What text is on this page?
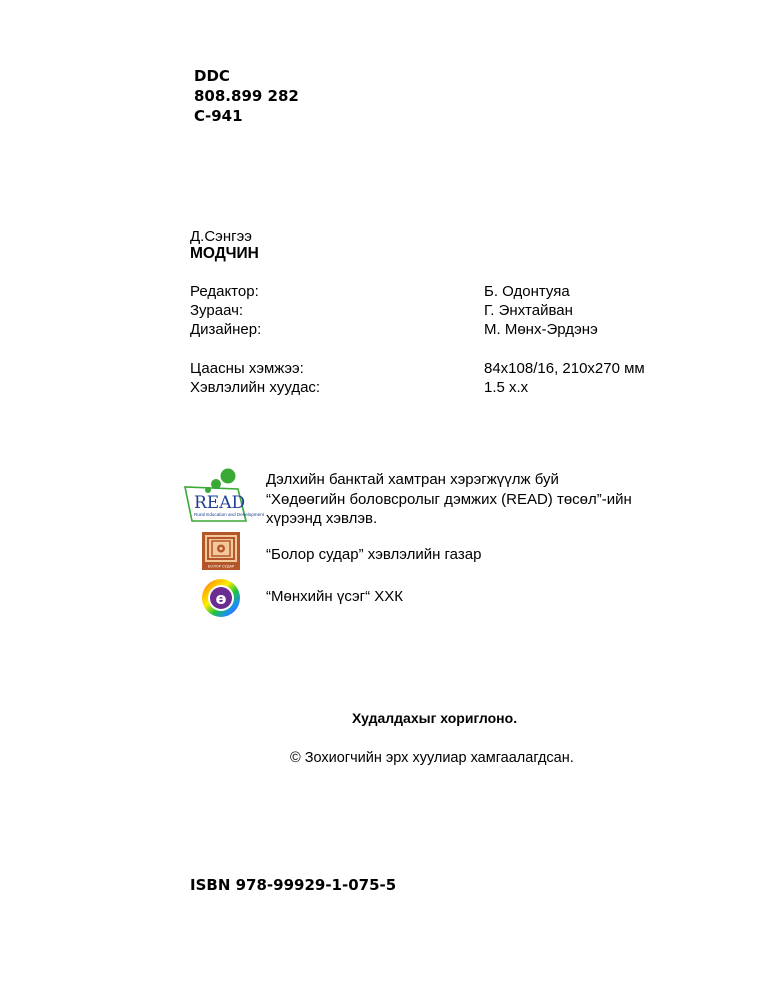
DDC
808.899 282
С-941
Д.Сэнгээ
МОДЧИН
Редактор:	Б. Одонтуяа
Зураач:	Г. Энхтайван
Дизайнер:	М. Мөнх-Эрдэнэ
Цаасны хэмжээ:	84x108/16, 210x270 мм
Хэвлэлийн хуудас:	1.5 х.х
READ
Rural Education and Development
Дэлхийн банктай хамтран хэрэгжүүлж буй
“Хөдөөгийн боловсролыг дэмжих (READ) төсөл”-ийн
хүрээнд хэвлэв.
БОЛОР СУДАР
“Болор судар” хэвлэлийн газар
ө	“Мөнхийн үсэг“ ХХК
Худалдахыг хориглоно.
© Зохиогчийн эрх хуулиар хамгаалагдсан.
ISBN 978-99929-1-075-5
